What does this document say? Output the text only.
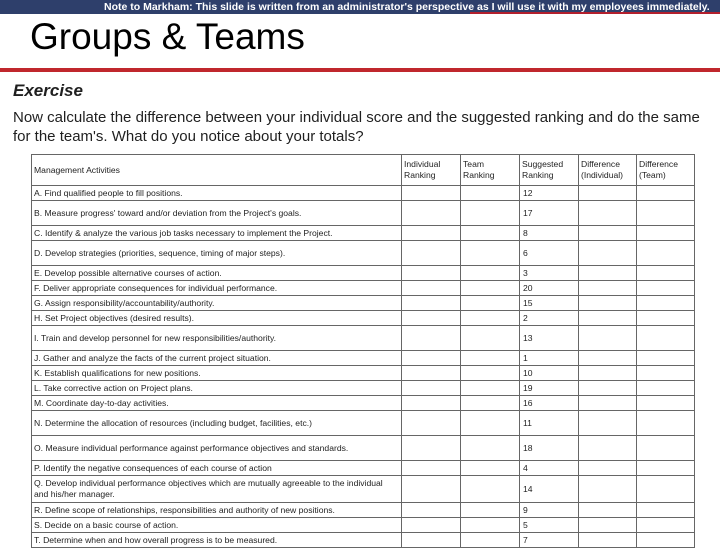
Note to Markham: This slide is written from an administrator's perspective as I will use it with my employees immediately.

Groups & Teams

Exercise

Now calculate the difference between your individual score and the suggested ranking and do the same for the team's. What do you notice about your totals?

Management Activities	Individual Ranking	Team Ranking	Suggested Ranking	Difference (Individual)	Difference (Team)
A. Find qualified people to fill positions.			12		
B. Measure progress' toward and/or deviation from the Project's goals.			17		
C. Identify & analyze the various job tasks necessary to implement the Project.			8		
D. Develop strategies (priorities, sequence, timing of major steps).			6		
E. Develop possible alternative courses of action.			3		
F. Deliver appropriate consequences for individual performance.			20		
G. Assign responsibility/accountability/authority.			15		
H. Set Project objectives (desired results).			2		
I. Train and develop personnel for new responsibilities/authority.			13		
J. Gather and analyze the facts of the current project situation.			1		
K. Establish qualifications for new positions.			10		
L. Take corrective action on Project plans.			19		
M. Coordinate day-to-day activities.			16		
N. Determine the allocation of resources (including budget, facilities, etc.)			11		
O. Measure individual performance against performance objectives and standards.			18		
P. Identify the negative consequences of each course of action			4		
Q. Develop individual performance objectives which are mutually agreeable to the individual and his/her manager.			14		
R. Define scope of relationships, responsibilities and authority of new positions.			9		
S. Decide on a basic course of action.			5		
T. Determine when and how overall progress is to be measured.			7		
